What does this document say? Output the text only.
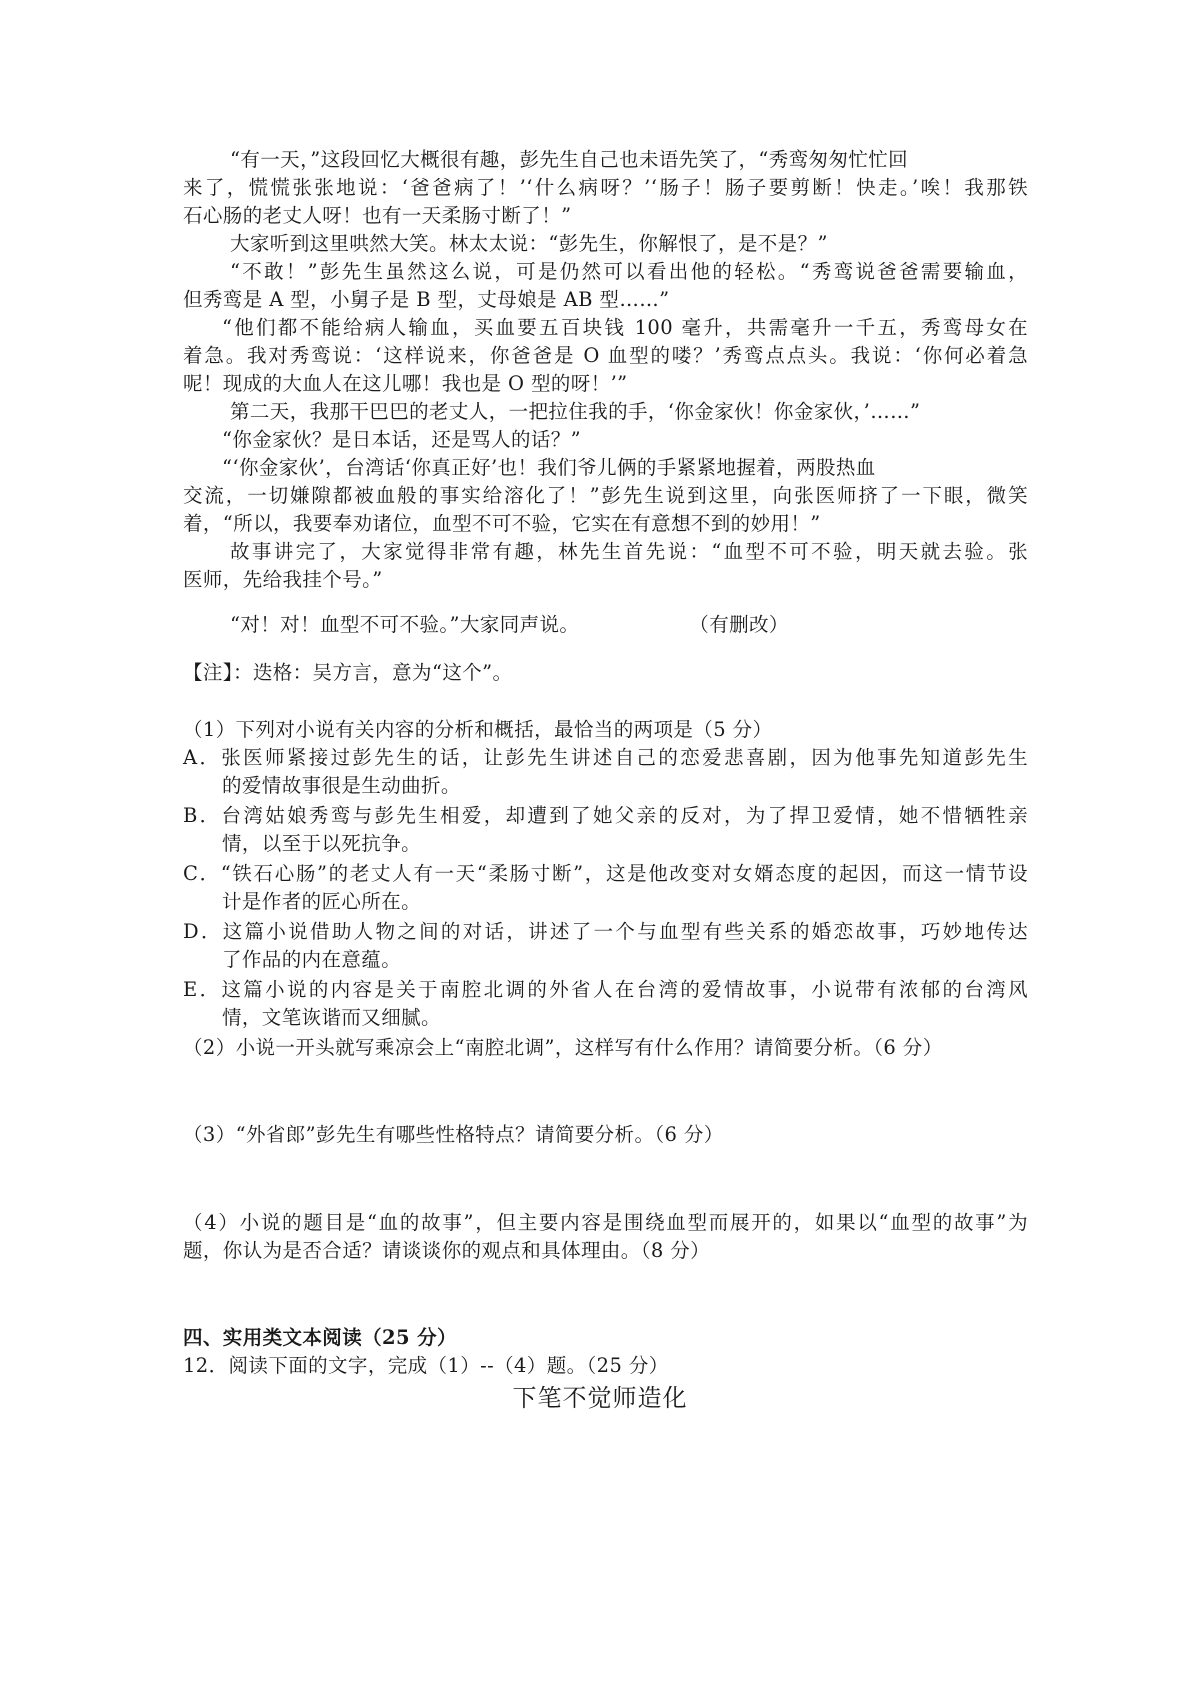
“有一天，”这段回忆大概很有趣，彭先生自己也未语先笑了，“秀鸾匆匆忙忙回
来了，慌慌张张地说：‘爸爸病了！’‘什么病呀？’‘肠子！肠子要剪断！快走。’唉！我那铁
石心肠的老丈人呀！也有一天柔肠寸断了！”
大家听到这里哄然大笑。林太太说：“彭先生，你解恨了，是不是？”
“不敢！”彭先生虽然这么说，可是仍然可以看出他的轻松。“秀鸾说爸爸需要输血，
但秀鸾是 A 型，小舅子是 B 型，丈母娘是 AB 型……”
“他们都不能给病人输血，买血要五百块钱 100 毫升，共需毫升一千五，秀鸾母女在
着急。我对秀鸾说：‘这样说来，你爸爸是 O 血型的喽？’秀鸾点点头。我说：‘你何必着急
呢！现成的大血人在这儿哪！我也是 O 型的呀！’”
第二天，我那干巴巴的老丈人，一把拉住我的手，‘你金家伙！你金家伙，’……”
“你金家伙？是日本话，还是骂人的话？”
“‘你金家伙’，台湾话‘你真正好’也！我们爷儿俩的手紧紧地握着，两股热血
交流，一切嫌隙都被血般的事实给溶化了！”彭先生说到这里，向张医师挤了一下眼，微笑
着，“所以，我要奉劝诸位，血型不可不验，它实在有意想不到的妙用！”
故事讲完了，大家觉得非常有趣，林先生首先说：“血型不可不验，明天就去验。张
医师，先给我挂个号。”
“对！对！血型不可不验。”大家同声说。	（有删改）
【注】：迭格：吴方言，意为“这个”。
（1）下列对小说有关内容的分析和概括，最恰当的两项是（5 分）
A．张医师紧接过彭先生的话，让彭先生讲述自己的恋爱悲喜剧，因为他事先知道彭先生
的爱情故事很是生动曲折。
B．台湾姑娘秀鸾与彭先生相爱，却遭到了她父亲的反对，为了捍卫爱情，她不惜牺牲亲
情，以至于以死抗争。
C．“铁石心肠”的老丈人有一天“柔肠寸断”，这是他改变对女婿态度的起因，而这一情节设
计是作者的匠心所在。
D．这篇小说借助人物之间的对话，讲述了一个与血型有些关系的婚恋故事，巧妙地传达
了作品的内在意蕴。
E．这篇小说的内容是关于南腔北调的外省人在台湾的爱情故事，小说带有浓郁的台湾风
情，文笔诙谐而又细腻。
（2）小说一开头就写乘凉会上“南腔北调”，这样写有什么作用？请简要分析。（6 分）
（3）“外省郎”彭先生有哪些性格特点？请简要分析。（6 分）
（4）小说的题目是“血的故事”，但主要内容是围绕血型而展开的，如果以“血型的故事”为
题，你认为是否合适？请谈谈你的观点和具体理由。（8 分）
四、实用类文本阅读（25 分）
12．阅读下面的文字，完成（1）--（4）题。（25 分）
下笔不觉师造化
